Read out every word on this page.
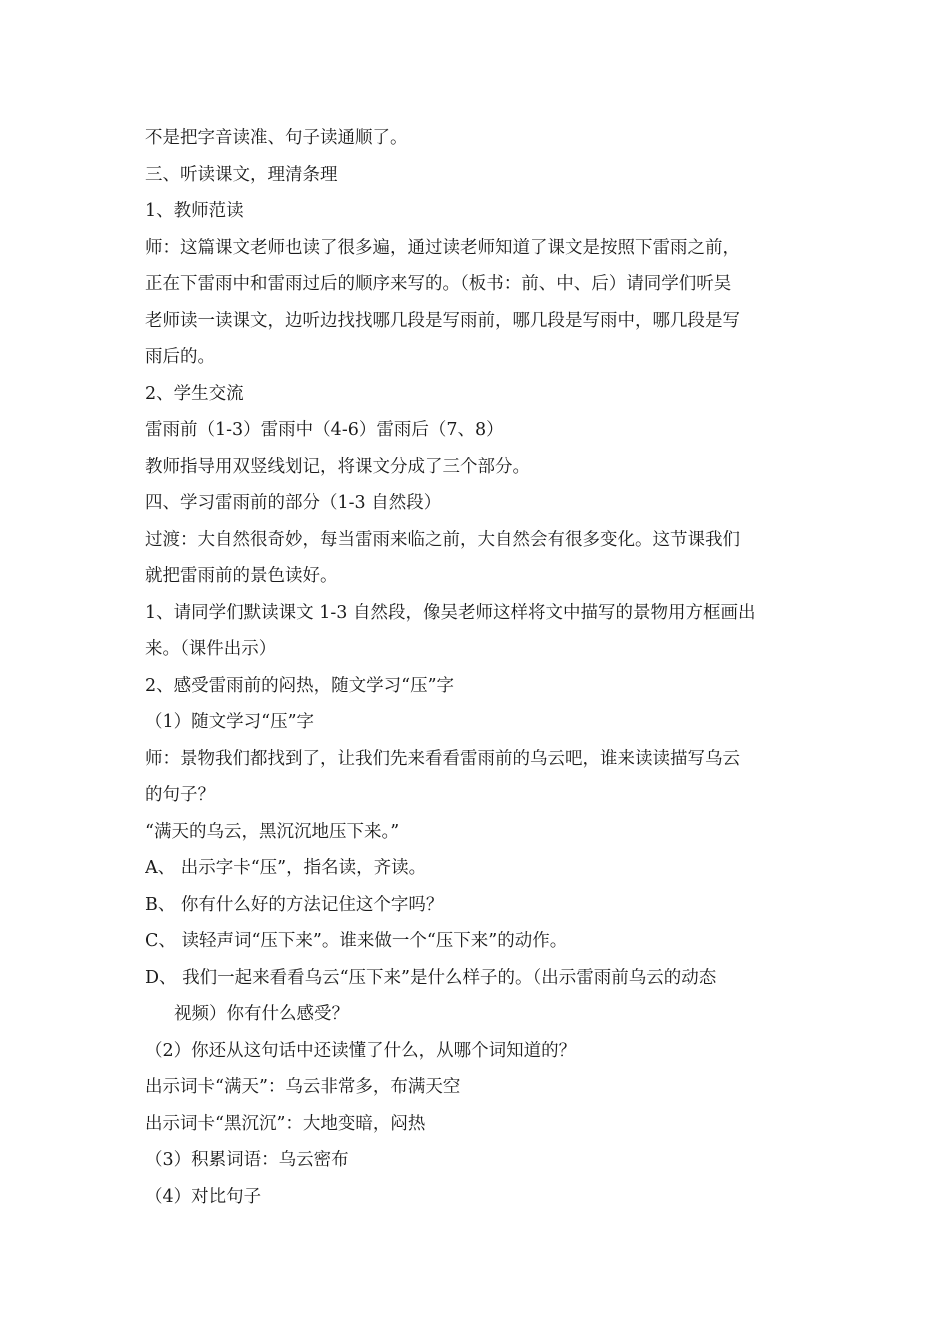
不是把字音读准、句子读通顺了。
三、听读课文，理清条理
1、教师范读
师：这篇课文老师也读了很多遍，通过读老师知道了课文是按照下雷雨之前，
正在下雷雨中和雷雨过后的顺序来写的。（板书：前、中、后）请同学们听吴
老师读一读课文，边听边找找哪几段是写雨前，哪几段是写雨中，哪几段是写
雨后的。
2、学生交流
雷雨前（1-3）雷雨中（4-6）雷雨后（7、8）
教师指导用双竖线划记，将课文分成了三个部分。
四、学习雷雨前的部分（1-3 自然段）
过渡：大自然很奇妙，每当雷雨来临之前，大自然会有很多变化。这节课我们
就把雷雨前的景色读好。
1、请同学们默读课文 1-3 自然段，像吴老师这样将文中描写的景物用方框画出
来。（课件出示）
2、感受雷雨前的闷热，随文学习“压”字
（1）随文学习“压”字
师：景物我们都找到了，让我们先来看看雷雨前的乌云吧，谁来读读描写乌云
的句子？
“满天的乌云，黑沉沉地压下来。”
A、 出示字卡“压”，指名读，齐读。
B、 你有什么好的方法记住这个字吗？
C、 读轻声词“压下来”。谁来做一个“压下来”的动作。
D、 我们一起来看看乌云“压下来”是什么样子的。（出示雷雨前乌云的动态
视频）你有什么感受？
（2）你还从这句话中还读懂了什么，从哪个词知道的？
出示词卡“满天”：乌云非常多，布满天空
出示词卡“黑沉沉”：大地变暗，闷热
（3）积累词语：乌云密布
（4）对比句子
